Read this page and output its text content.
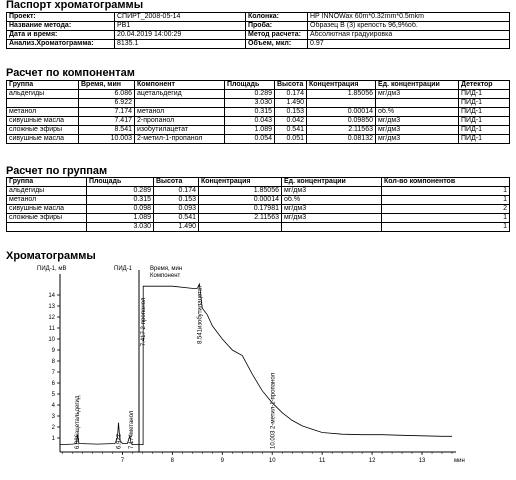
Паспорт хроматограммы
Проект:	СПИРТ_2008-05-14	Колонка:	HP INNOWax 60m*0.32mm*0.5mkm
Название метода:	РВ1	Проба:	Образец В (3) крепость 96,9%об.
Дата и время:	20.04.2019 14:00:29	Метод расчета:	Абсолютная градуировка
Анализ.Хроматограмма:	8135.1	Объем, мкл:	0.97
Расчет по компонентам
Группа	Время, мин	Компонент	Площадь	Высота	Концентрация	Ед. концентрации	Детектор
альдегиды	6.086	ацетальдегид	0.289	0.174	1.85056	мг/дм3	ПИД-1
	6.922		3.030	1.490			ПИД-1
метанол	7.174	метанол	0.315	0.153	0.00014	об.%	ПИД-1
сивушные масла	7.417	2-пропанол	0.043	0.042	0.09850	мг/дм3	ПИД-1
сложные эфиры	8.541	изобутилацетат	1.089	0.541	2.11563	мг/дм3	ПИД-1
сивушные масла	10.003	2-метил-1-пропанол	0.054	0.051	0.08132	мг/дм3	ПИД-1
Расчет по группам
Группа	Площадь	Высота	Концентрация	Ед. концентрации	Кол-во компонентов
альдегиды	0.289	0.174	1.85056	мг/дм3	1
метанол	0.315	0.153	0.00014	об.%	1
сивушные масла	0.098	0.093	0.17981	мг/дм3	2
сложные эфиры	1.089	0.541	2.11563	мг/дм3	1
	3.030	1.490			1
Хроматограммы
ПИД-1
ПИД-1, мВ	Время, мин
Компонент
1
2
3
4
5
6
7
8
9
10
11
12
13
14
7	8	9	10	11	12	13	мин
6.086ацетальдегид	6.922 7.174метанол
7.417 2-пропанол	8.541изобутилацетат
10.003 2-метил-1-пропанол
